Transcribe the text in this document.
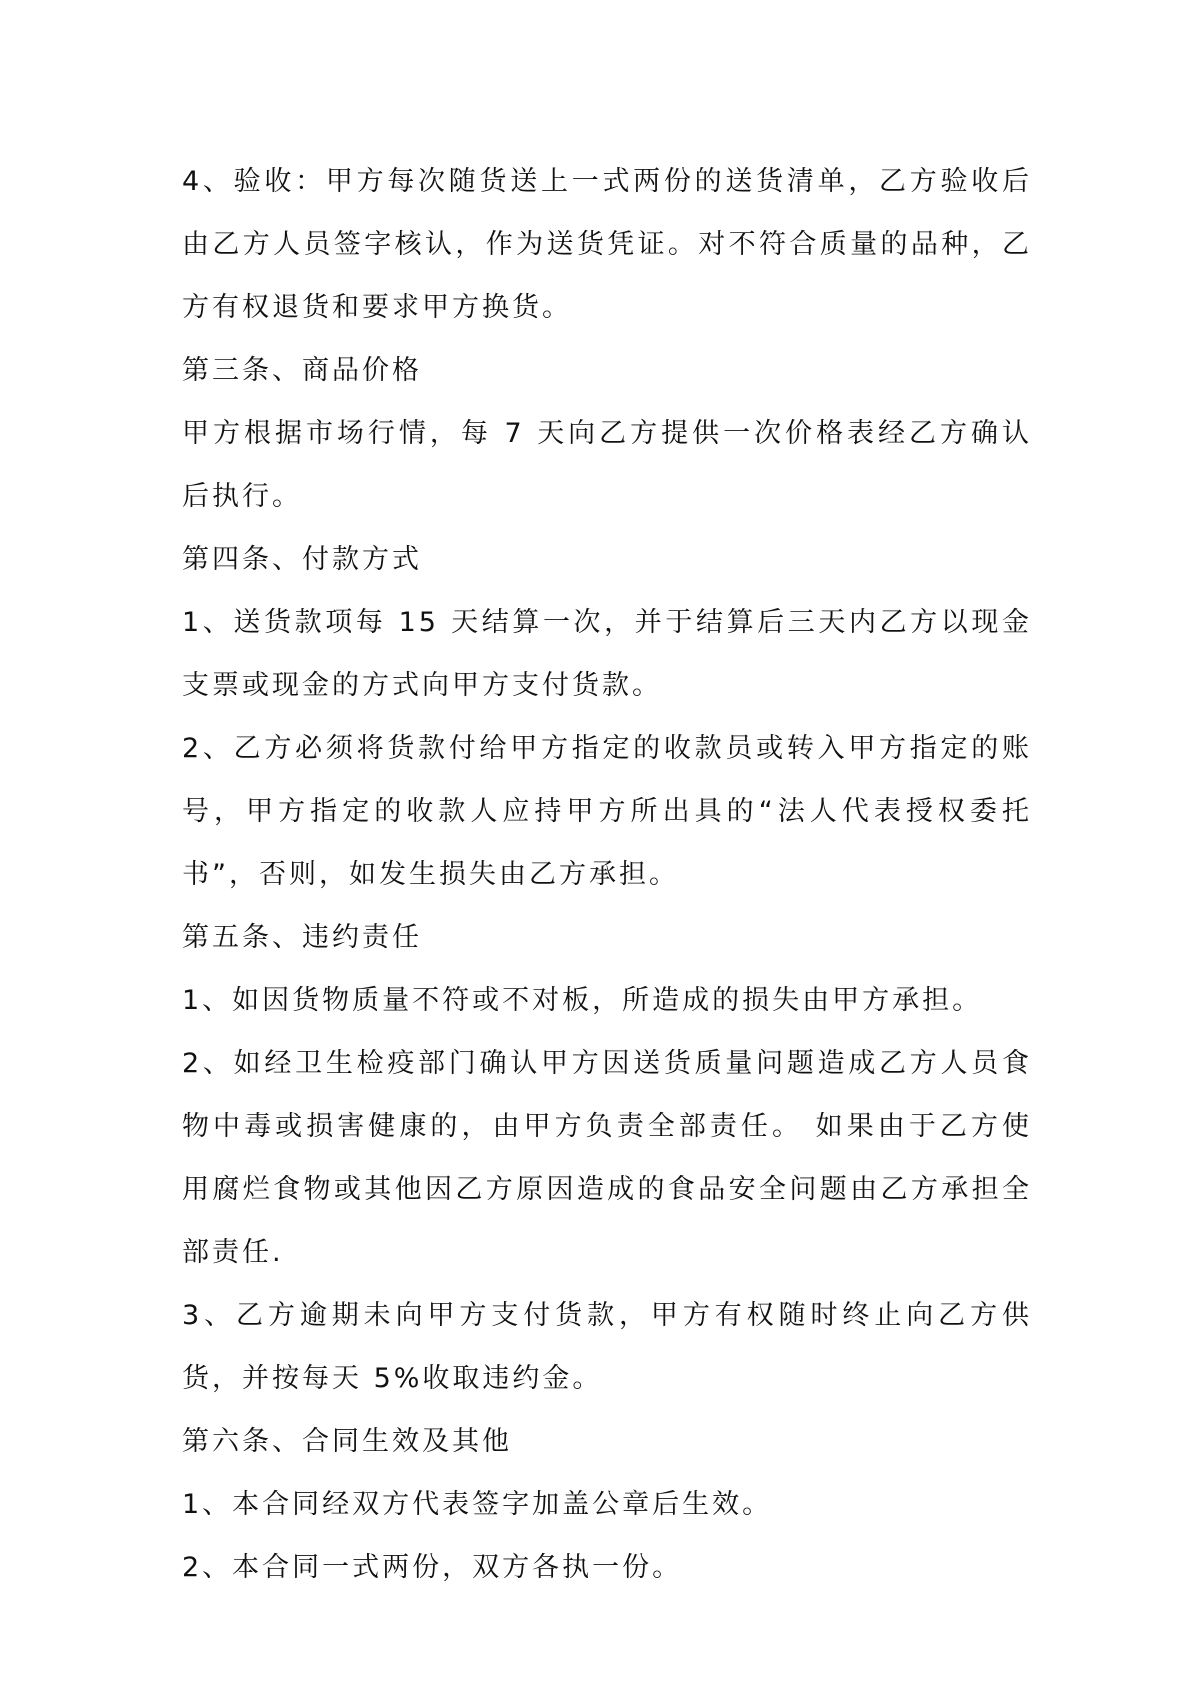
4、验收：甲方每次随货送上一式两份的送货清单，乙方验收后由乙方人员签字核认，作为送货凭证。对不符合质量的品种，乙方有权退货和要求甲方换货。

第三条、商品价格

甲方根据市场行情，每 7 天向乙方提供一次价格表经乙方确认后执行。

第四条、付款方式

1、送货款项每 15 天结算一次，并于结算后三天内乙方以现金支票或现金的方式向甲方支付货款。

2、乙方必须将货款付给甲方指定的收款员或转入甲方指定的账号，甲方指定的收款人应持甲方所出具的“法人代表授权委托书”，否则，如发生损失由乙方承担。

第五条、违约责任

1、如因货物质量不符或不对板，所造成的损失由甲方承担。

2、如经卫生检疫部门确认甲方因送货质量问题造成乙方人员食物中毒或损害健康的，由甲方负责全部责任。 如果由于乙方使用腐烂食物或其他因乙方原因造成的食品安全问题由乙方承担全部责任.

3、乙方逾期未向甲方支付货款，甲方有权随时终止向乙方供货，并按每天 5%收取违约金。

第六条、合同生效及其他

1、本合同经双方代表签字加盖公章后生效。

2、本合同一式两份，双方各执一份。
